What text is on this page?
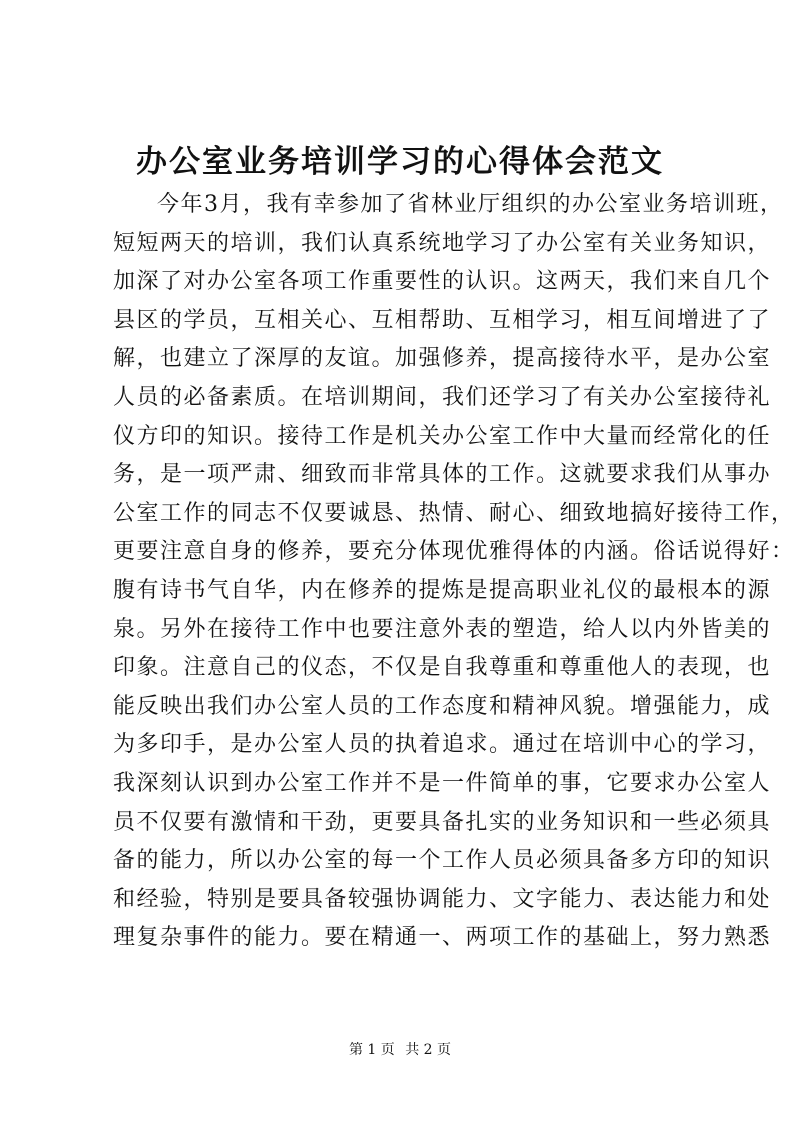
办公室业务培训学习的心得体会范文
今年3月，我有幸参加了省林业厅组织的办公室业务培训班，
短短两天的培训，我们认真系统地学习了办公室有关业务知识，
加深了对办公室各项工作重要性的认识。这两天，我们来自几个
县区的学员，互相关心、互相帮助、互相学习，相互间增进了了
解，也建立了深厚的友谊。加强修养，提高接待水平，是办公室
人员的必备素质。在培训期间，我们还学习了有关办公室接待礼
仪方印的知识。接待工作是机关办公室工作中大量而经常化的任
务，是一项严肃、细致而非常具体的工作。这就要求我们从事办
公室工作的同志不仅要诚恳、热情、耐心、细致地搞好接待工作，
更要注意自身的修养，要充分体现优雅得体的内涵。俗话说得好：
腹有诗书气自华，内在修养的提炼是提高职业礼仪的最根本的源
泉。另外在接待工作中也要注意外表的塑造，给人以内外皆美的
印象。注意自己的仪态，不仅是自我尊重和尊重他人的表现，也
能反映出我们办公室人员的工作态度和精神风貌。增强能力，成
为多印手，是办公室人员的执着追求。通过在培训中心的学习，
我深刻认识到办公室工作并不是一件简单的事，它要求办公室人
员不仅要有激情和干劲，更要具备扎实的业务知识和一些必须具
备的能力，所以办公室的每一个工作人员必须具备多方印的知识
和经验，特别是要具备较强协调能力、文字能力、表达能力和处
理复杂事件的能力。要在精通一、两项工作的基础上，努力熟悉
第 1 页 共 2 页
